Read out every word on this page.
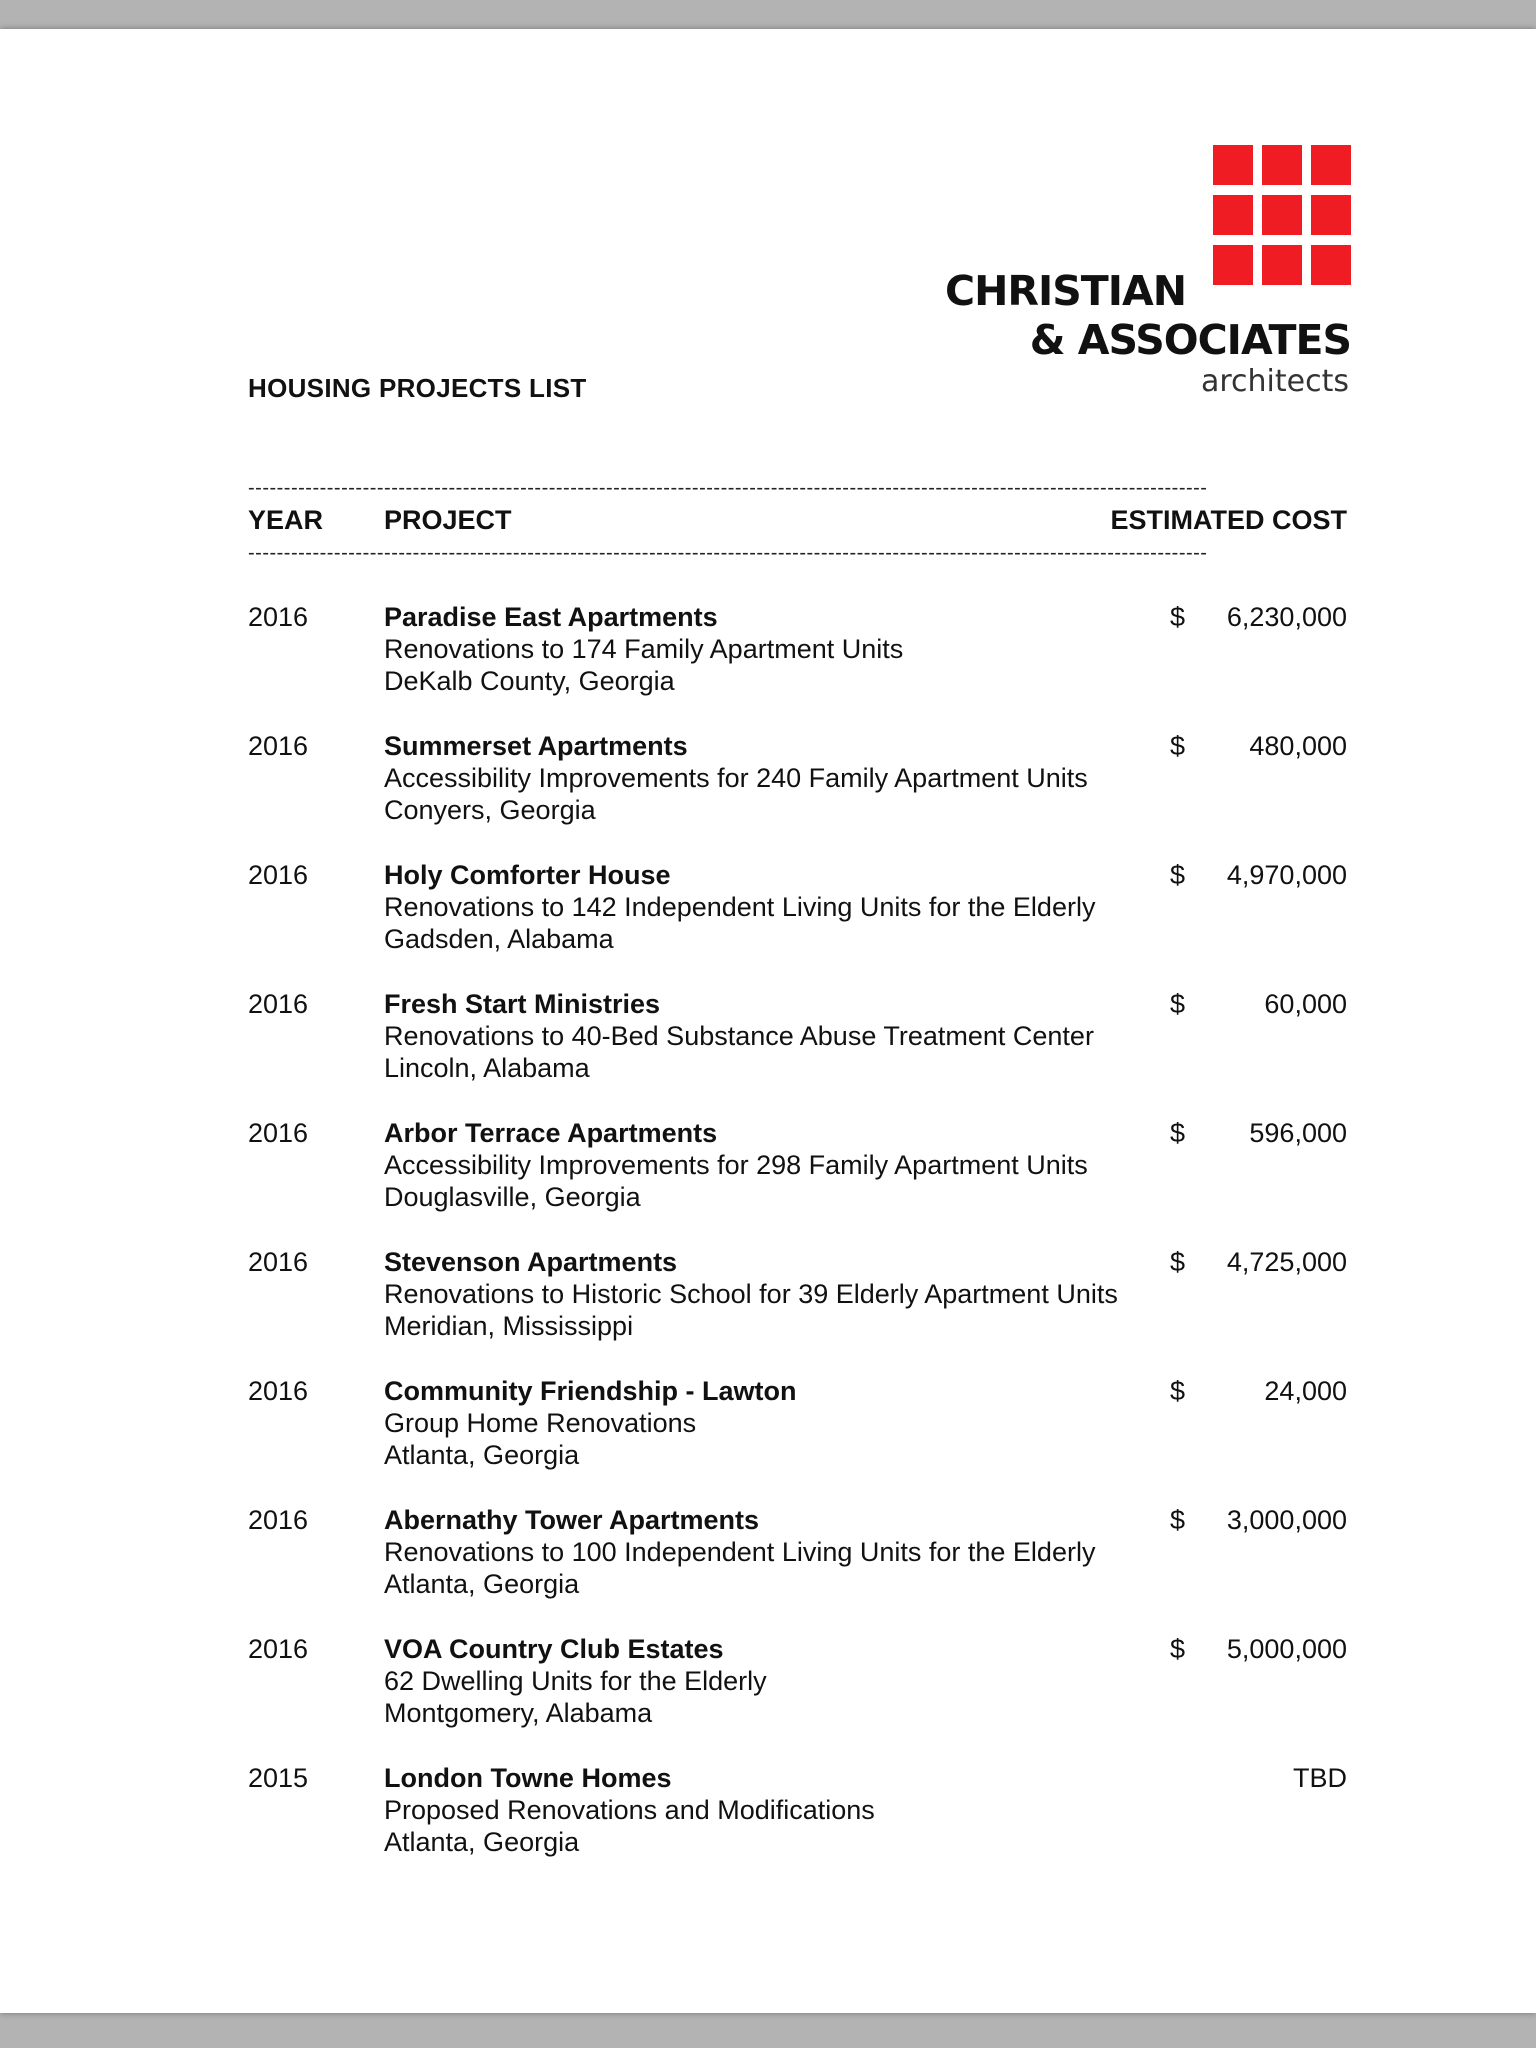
CHRISTIAN
& ASSOCIATES
architects
HOUSING PROJECTS LIST
--------------------------------------------------------------------------------------------------------------------------------------
YEAR PROJECT	ESTIMATED COST
--------------------------------------------------------------------------------------------------------------------------------------
2016	Paradise East Apartments
Renovations to 174 Family Apartment Units
DeKalb County, Georgia
$ 6,230,000
2016	Summerset Apartments
Accessibility Improvements for 240 Family Apartment Units
Conyers, Georgia
$ 480,000
2016	Holy Comforter House
Renovations to 142 Independent Living Units for the Elderly
Gadsden, Alabama
$ 4,970,000
2016	Fresh Start Ministries
Renovations to 40-Bed Substance Abuse Treatment Center
Lincoln, Alabama
$	60,000
2016	Arbor Terrace Apartments
Accessibility Improvements for 298 Family Apartment Units
Douglasville, Georgia
$ 596,000
2016	Stevenson Apartments
Renovations to Historic School for 39 Elderly Apartment Units
Meridian, Mississippi
$ 4,725,000
2016	Community Friendship - Lawton
Group Home Renovations
Atlanta, Georgia
$	24,000
2016	Abernathy Tower Apartments
Renovations to 100 Independent Living Units for the Elderly
Atlanta, Georgia
$ 3,000,000
2016	VOA Country Club Estates
62 Dwelling Units for the Elderly
Montgomery, Alabama
$ 5,000,000
2015	London Towne Homes
Proposed Renovations and Modifications
Atlanta, Georgia
TBD
